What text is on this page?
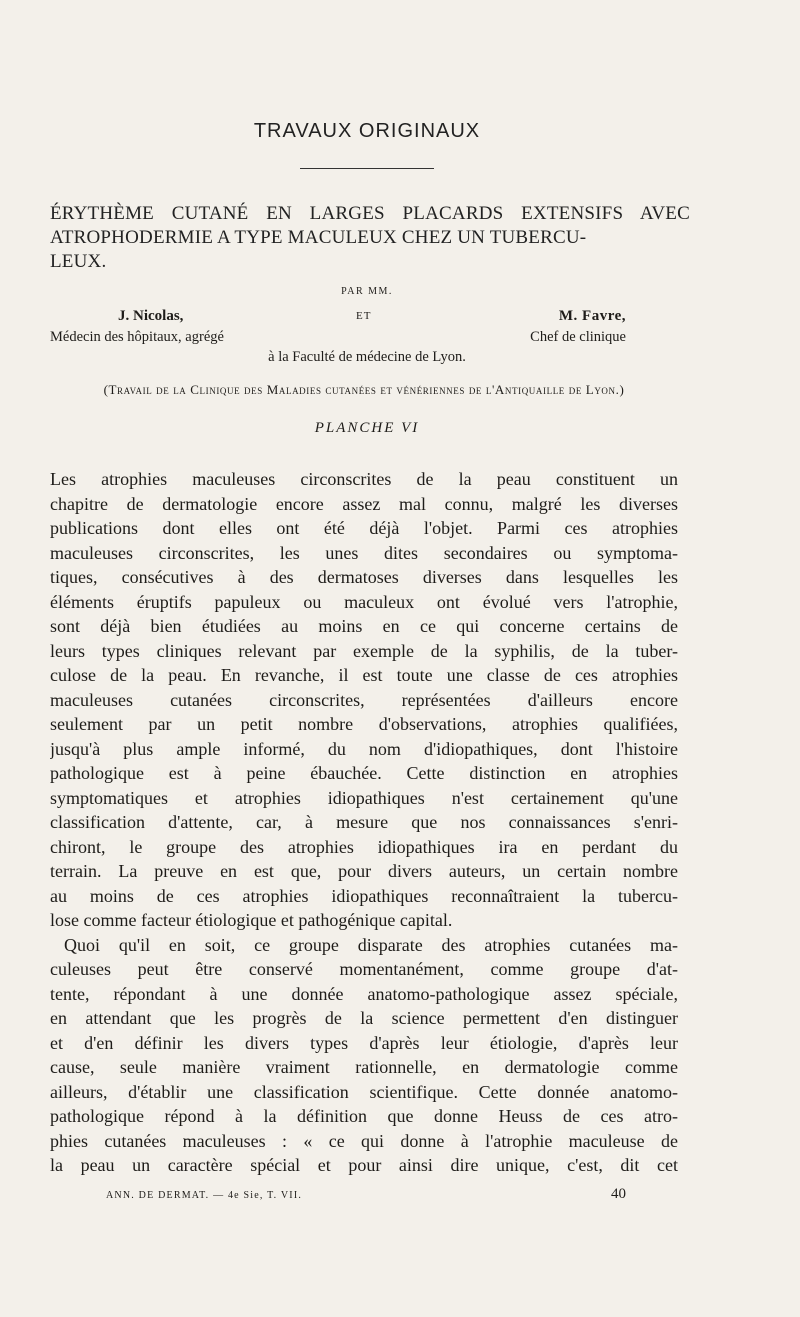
TRAVAUX ORIGINAUX
ÉRYTHÈME CUTANÉ EN LARGES PLACARDS EXTENSIFS AVEC
ATROPHODERMIE A TYPE MACULEUX CHEZ UN TUBERCU-
LEUX.
PAR MM.
J. Nicolas,	ET	M. Favre,
Médecin des hôpitaux, agrégé	Chef de clinique
à la Faculté de médecine de Lyon.
(Travail de la Clinique des Maladies cutanées et vénériennes de l'Antiquaille de Lyon.)
PLANCHE VI
Les atrophies maculeuses circonscrites de la peau constituent un
chapitre de dermatologie encore assez mal connu, malgré les diverses
publications dont elles ont été déjà l'objet. Parmi ces atrophies
maculeuses circonscrites, les unes dites secondaires ou symptoma-
tiques, consécutives à des dermatoses diverses dans lesquelles les
éléments éruptifs papuleux ou maculeux ont évolué vers l'atrophie,
sont déjà bien étudiées au moins en ce qui concerne certains de
leurs types cliniques relevant par exemple de la syphilis, de la tuber-
culose de la peau. En revanche, il est toute une classe de ces atrophies
maculeuses cutanées circonscrites, représentées d'ailleurs encore
seulement par un petit nombre d'observations, atrophies qualifiées,
jusqu'à plus ample informé, du nom d'idiopathiques, dont l'histoire
pathologique est à peine ébauchée. Cette distinction en atrophies
symptomatiques et atrophies idiopathiques n'est certainement qu'une
classification d'attente, car, à mesure que nos connaissances s'enri-
chiront, le groupe des atrophies idiopathiques ira en perdant du
terrain. La preuve en est que, pour divers auteurs, un certain nombre
au moins de ces atrophies idiopathiques reconnaîtraient la tubercu-
lose comme facteur étiologique et pathogénique capital.
Quoi qu'il en soit, ce groupe disparate des atrophies cutanées ma-
culeuses peut être conservé momentanément, comme groupe d'at-
tente, répondant à une donnée anatomo-pathologique assez spéciale,
en attendant que les progrès de la science permettent d'en distinguer
et d'en définir les divers types d'après leur étiologie, d'après leur
cause, seule manière vraiment rationnelle, en dermatologie comme
ailleurs, d'établir une classification scientifique. Cette donnée anatomo-
pathologique répond à la définition que donne Heuss de ces atro-
phies cutanées maculeuses : « ce qui donne à l'atrophie maculeuse de
la peau un caractère spécial et pour ainsi dire unique, c'est, dit cet
ANN. DE DERMAT. — 4e Sie, T. VII.	40
